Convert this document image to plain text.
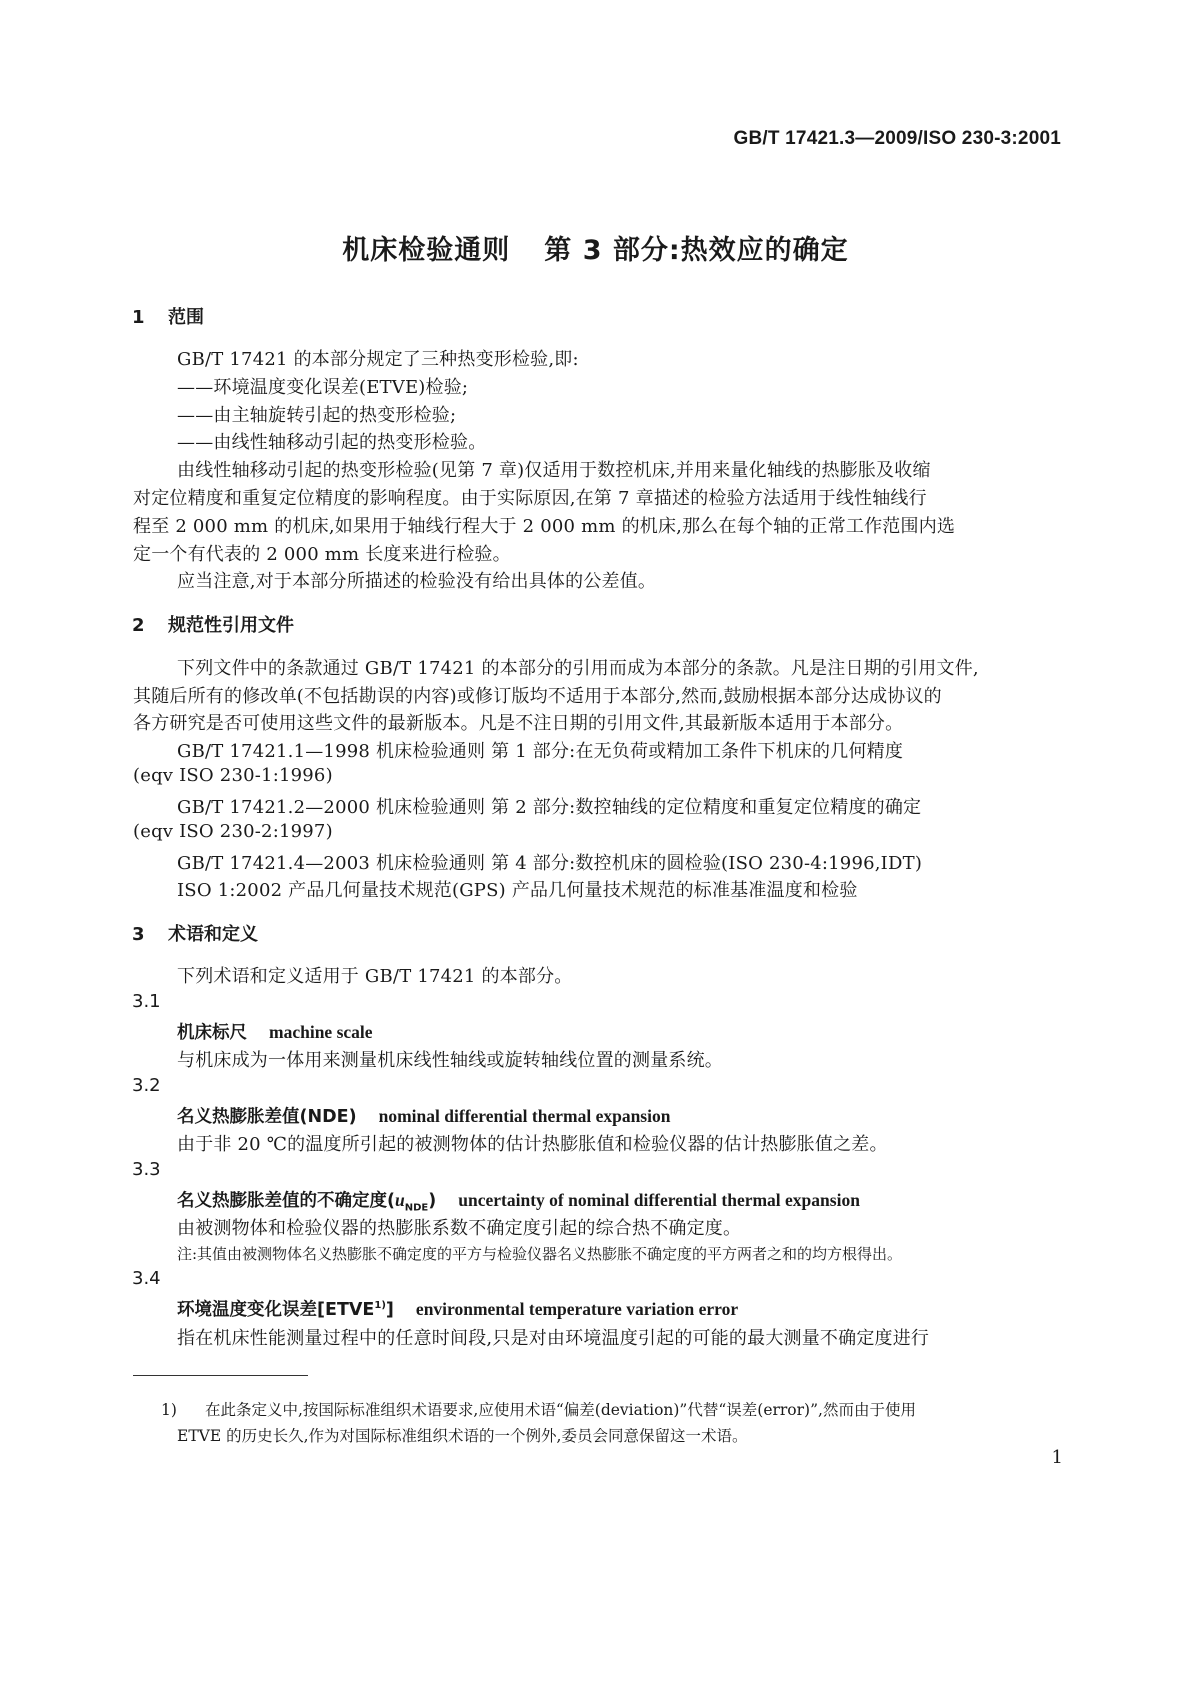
GB/T 17421.3—2009/ISO 230-3:2001
机床检验通则 第 3 部分:热效应的确定
1 范围
GB/T 17421 的本部分规定了三种热变形检验,即:
——环境温度变化误差(ETVE)检验;
——由主轴旋转引起的热变形检验;
——由线性轴移动引起的热变形检验。
由线性轴移动引起的热变形检验(见第 7 章)仅适用于数控机床,并用来量化轴线的热膨胀及收缩
对定位精度和重复定位精度的影响程度。由于实际原因,在第 7 章描述的检验方法适用于线性轴线行
程至 2 000 mm 的机床,如果用于轴线行程大于 2 000 mm 的机床,那么在每个轴的正常工作范围内选
定一个有代表的 2 000 mm 长度来进行检验。
应当注意,对于本部分所描述的检验没有给出具体的公差值。
2 规范性引用文件
下列文件中的条款通过 GB/T 17421 的本部分的引用而成为本部分的条款。凡是注日期的引用文件,
其随后所有的修改单(不包括勘误的内容)或修订版均不适用于本部分,然而,鼓励根据本部分达成协议的
各方研究是否可使用这些文件的最新版本。凡是不注日期的引用文件,其最新版本适用于本部分。
GB/T 17421.1—1998 机床检验通则 第 1 部分:在无负荷或精加工条件下机床的几何精度
(eqv ISO 230-1:1996)
GB/T 17421.2—2000 机床检验通则 第 2 部分:数控轴线的定位精度和重复定位精度的确定
(eqv ISO 230-2:1997)
GB/T 17421.4—2003 机床检验通则 第 4 部分:数控机床的圆检验(ISO 230-4:1996,IDT)
ISO 1:2002 产品几何量技术规范(GPS) 产品几何量技术规范的标准基准温度和检验
3 术语和定义
下列术语和定义适用于 GB/T 17421 的本部分。
3.1
机床标尺 machine scale
与机床成为一体用来测量机床线性轴线或旋转轴线位置的测量系统。
3.2
名义热膨胀差值(NDE) nominal differential thermal expansion
由于非 20 ℃的温度所引起的被测物体的估计热膨胀值和检验仪器的估计热膨胀值之差。
3.3
名义热膨胀差值的不确定度$(u_{NDE})$ uncertainty of nominal differential thermal expansion
由被测物体和检验仪器的热膨胀系数不确定度引起的综合热不确定度。
注:其值由被测物体名义热膨胀不确定度的平方与检验仪器名义热膨胀不确定度的平方两者之和的均方根得出。
3.4
环境温度变化误差[ETVE$^{1)}$] environmental temperature variation error
指在机床性能测量过程中的任意时间段,只是对由环境温度引起的可能的最大测量不确定度进行
1) 在此条定义中,按国际标准组织术语要求,应使用术语“偏差(deviation)”代替“误差(error)”,然而由于使用
ETVE 的历史长久,作为对国际标准组织术语的一个例外,委员会同意保留这一术语。
1
